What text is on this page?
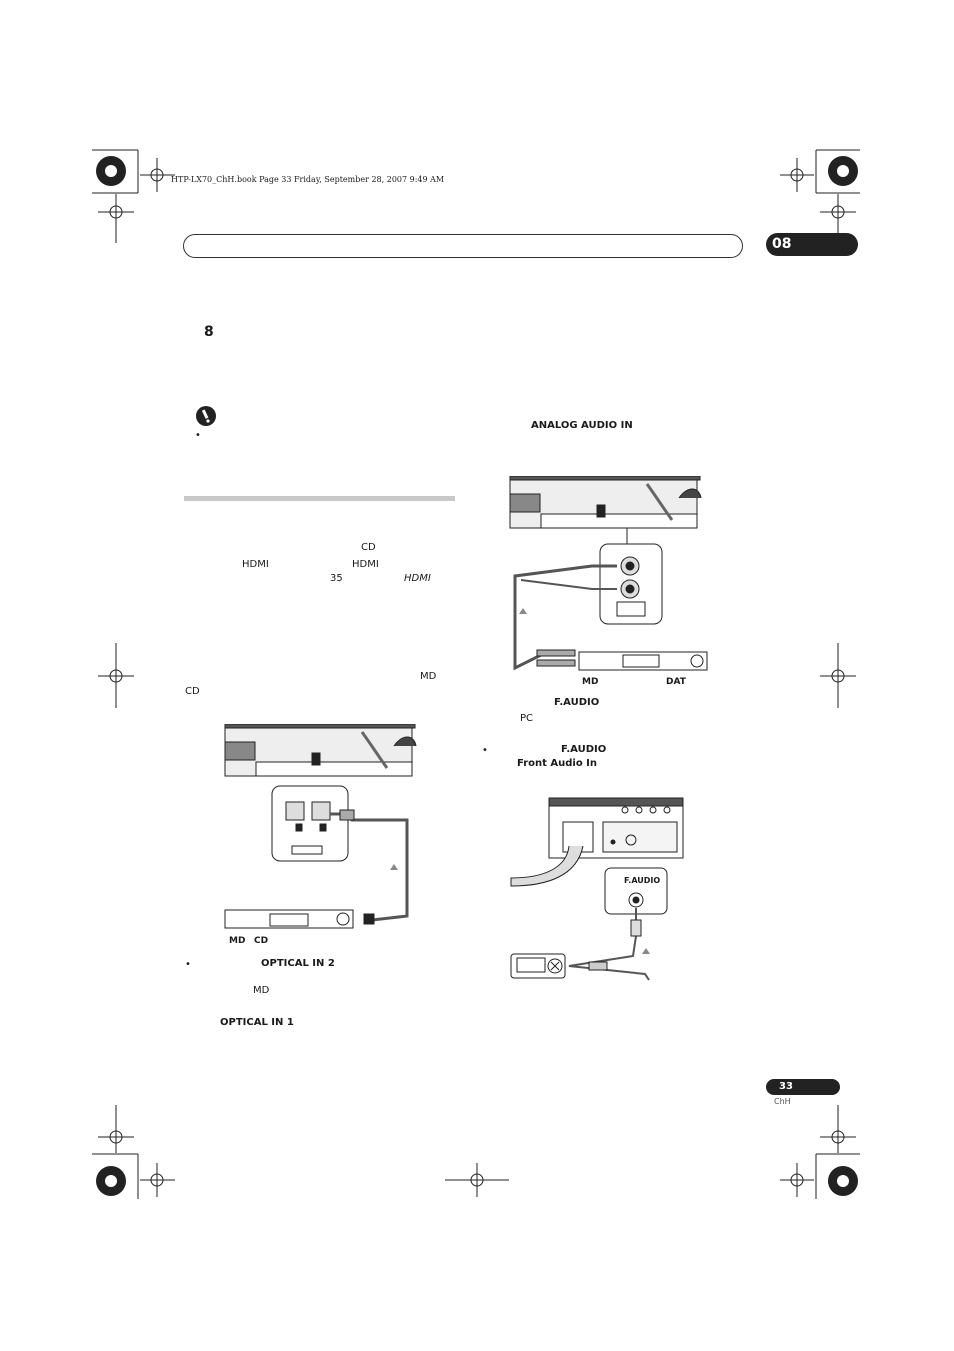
HTP-LX70_ChH.book Page 33 Friday, September 28, 2007 9:49 AM
08
8
•
CD
HDMI	HDMI
35	HDMI
MD
CD
MD CD
•	OPTICAL IN 2
MD
OPTICAL IN 1
ANALOG AUDIO IN
MD	DAT
F.AUDIO
PC
•	F.AUDIO
Front Audio In
F.AUDIO
33
ChH
